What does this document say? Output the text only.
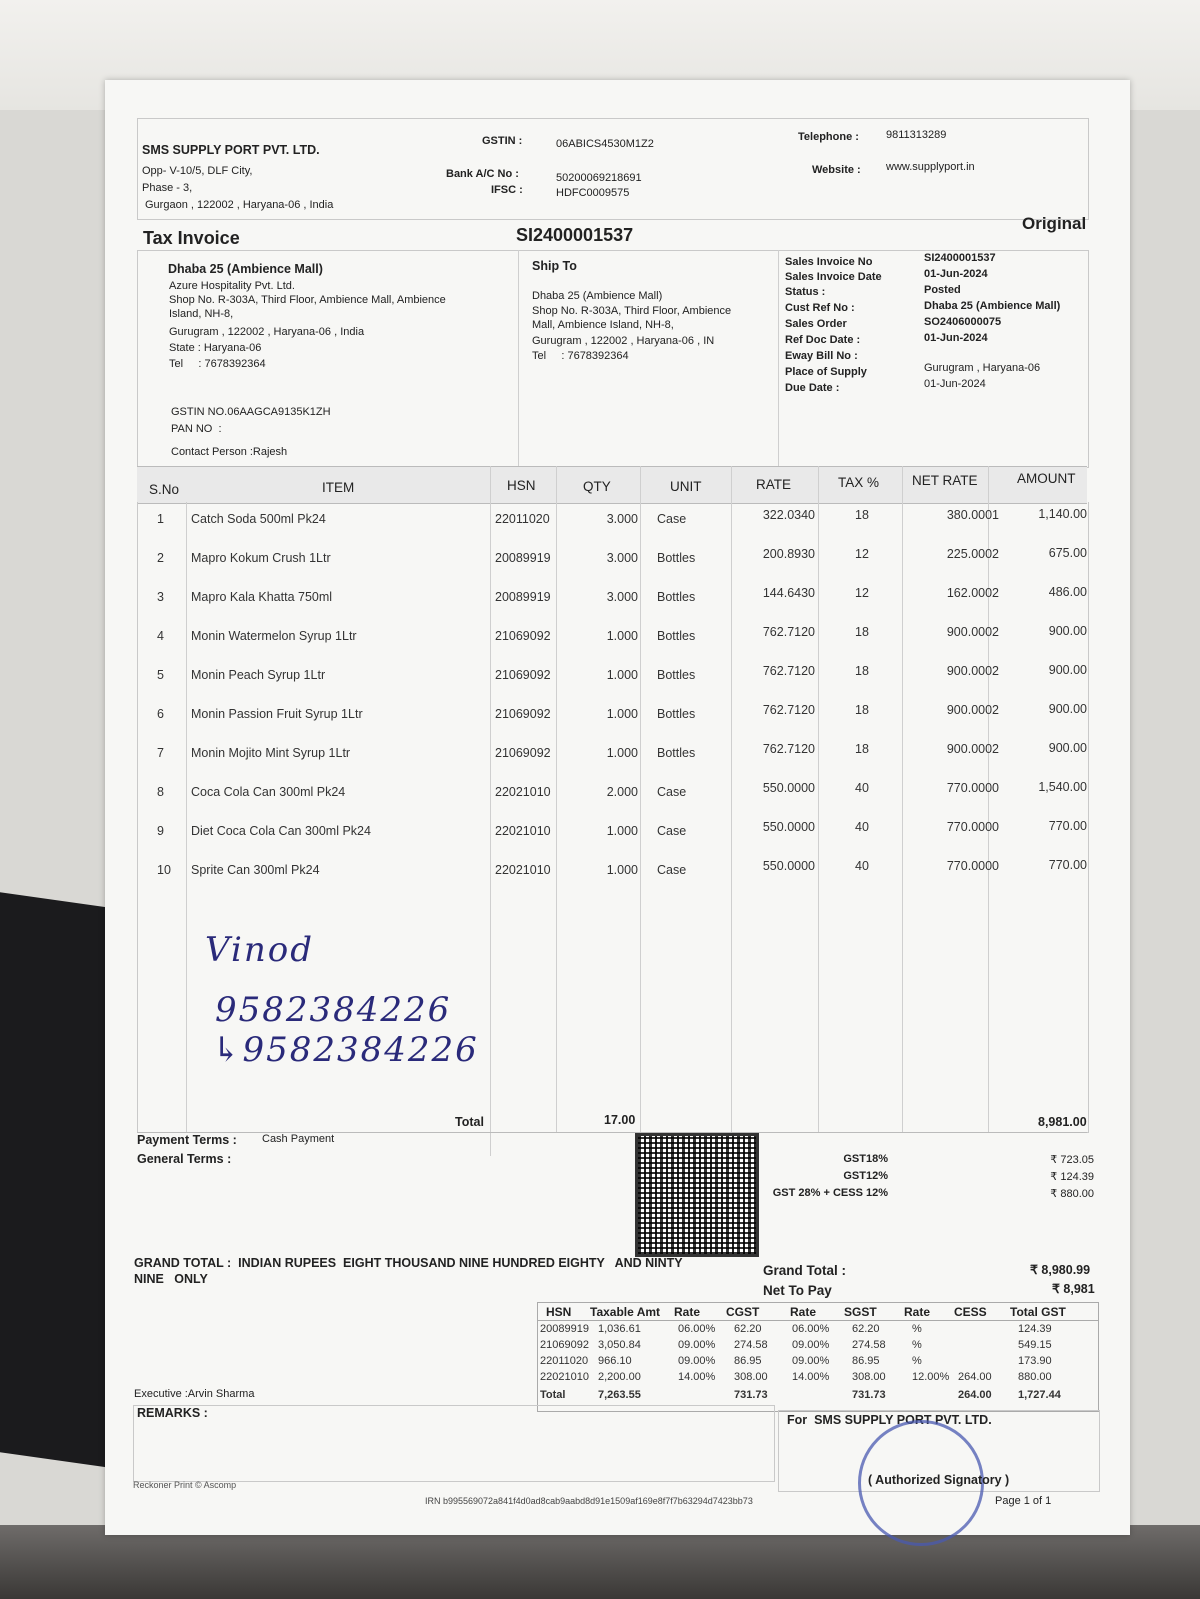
SMS SUPPLY PORT PVT. LTD.
Opp- V-10/5, DLF City,
Phase - 3,
Gurgaon , 122002 , Haryana-06 , India
GSTIN :	06ABICS4530M1Z2
Bank A/C No :	50200069218691
IFSC :	HDFC0009575
Telephone : 9811313289
Website : www.supplyport.in
Tax Invoice	SI2400001537
Original
Dhaba 25 (Ambience Mall)
Azure Hospitality Pvt. Ltd.
Shop No. R-303A, Third Floor, Ambience Mall, Ambience
Island, NH-8,
Gurugram , 122002 , Haryana-06 , India
State : Haryana-06
Tel     : 7678392364
GSTIN NO.06AAGCA9135K1ZH
PAN NO  :
Contact Person :Rajesh
Ship To
Dhaba 25 (Ambience Mall)
Shop No. R-303A, Third Floor, Ambience
Mall, Ambience Island, NH-8,
Gurugram , 122002 , Haryana-06 , IN
Tel     : 7678392364
Sales Invoice No	SI2400001537
Sales Invoice Date	01-Jun-2024
Status :	Posted
Cust Ref No :	Dhaba 25 (Ambience Mall)
Sales Order	SO2406000075
Ref Doc Date :	01-Jun-2024
Eway Bill No :
Place of Supply	Gurugram , Haryana-06
Due Date :	01-Jun-2024
S.No	ITEM	HSN	QTY	UNIT	RATE	TAX % NET RATE	AMOUNT
1	Catch Soda 500ml Pk24	22011020	3.000 Case	322.0340	18	380.0001	1,140.00
2	Mapro Kokum Crush 1Ltr	20089919	3.000 Bottles	200.8930	12	225.0002	675.00
3	Mapro Kala Khatta 750ml	20089919	3.000 Bottles	144.6430	12	162.0002	486.00
4	Monin Watermelon Syrup 1Ltr	21069092	1.000 Bottles	762.7120	18	900.0002	900.00
5	Monin Peach Syrup 1Ltr	21069092	1.000 Bottles	762.7120	18	900.0002	900.00
6	Monin Passion Fruit Syrup 1Ltr	21069092	1.000 Bottles	762.7120	18	900.0002	900.00
7	Monin Mojito Mint Syrup 1Ltr	21069092	1.000 Bottles	762.7120	18	900.0002	900.00
8	Coca Cola Can 300ml Pk24	22021010	2.000 Case	550.0000	40	770.0000	1,540.00
9	Diet Coca Cola Can 300ml Pk24	22021010	1.000 Case	550.0000	40	770.0000	770.00
10	Sprite Can 300ml Pk24	22021010	1.000 Case	550.0000	40	770.0000	770.00
Vinod
9582384226
↳9582384226
Total	17.00	8,981.00
Payment Terms : Cash Payment
General Terms :	GST18%	₹ 723.05
GST12%	₹ 124.39
GST 28% + CESS 12%	₹ 880.00
GRAND TOTAL :  INDIAN RUPEES  EIGHT THOUSAND NINE HUNDRED EIGHTY   AND NINTY
NINE   ONLY
Grand Total :	₹ 8,980.99
Net To Pay	₹ 8,981
HSN Taxable Amt Rate CGST	Rate SGST Rate CESS Total GST
20089919 1,036.61	06.00% 62.20	06.00% 62.20	%	124.39
21069092 3,050.84	09.00% 274.58 09.00% 274.58 %	549.15
22011020 966.10	09.00% 86.95	09.00% 86.95	%	173.90
22021010 2,200.00	14.00% 308.00 14.00% 308.00 12.00% 264.00 880.00
Total	7,263.55	731.73	731.73	264.00 1,727.44
Executive :Arvin Sharma
REMARKS :	For  SMS SUPPLY PORT PVT. LTD.
( Authorized Signatory )
Page 1 of 1
Reckoner Print © Ascomp
IRN b995569072a841f4d0ad8cab9aabd8d91e1509af169e8f7f7b63294d7423bb73
